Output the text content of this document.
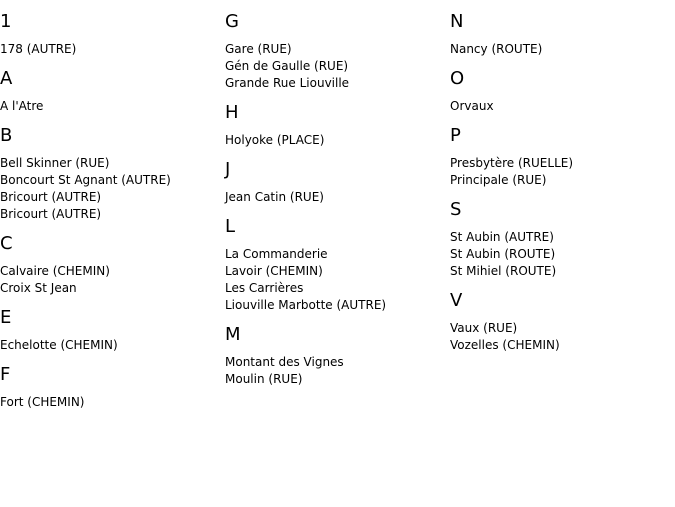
1
178 (AUTRE)
A
A l'Atre
B
Bell Skinner (RUE)
Boncourt St Agnant (AUTRE)
Bricourt (AUTRE)
Bricourt (AUTRE)
C
Calvaire (CHEMIN)
Croix St Jean
E
Echelotte (CHEMIN)
F
Fort (CHEMIN)
G
Gare (RUE)
Gén de Gaulle (RUE)
Grande Rue Liouville
H
Holyoke (PLACE)
J
Jean Catin (RUE)
L
La Commanderie
Lavoir (CHEMIN)
Les Carrières
Liouville Marbotte (AUTRE)
M
Montant des Vignes
Moulin (RUE)
N
Nancy (ROUTE)
O
Orvaux
P
Presbytère (RUELLE)
Principale (RUE)
S
St Aubin (AUTRE)
St Aubin (ROUTE)
St Mihiel (ROUTE)
V
Vaux (RUE)
Vozelles (CHEMIN)
